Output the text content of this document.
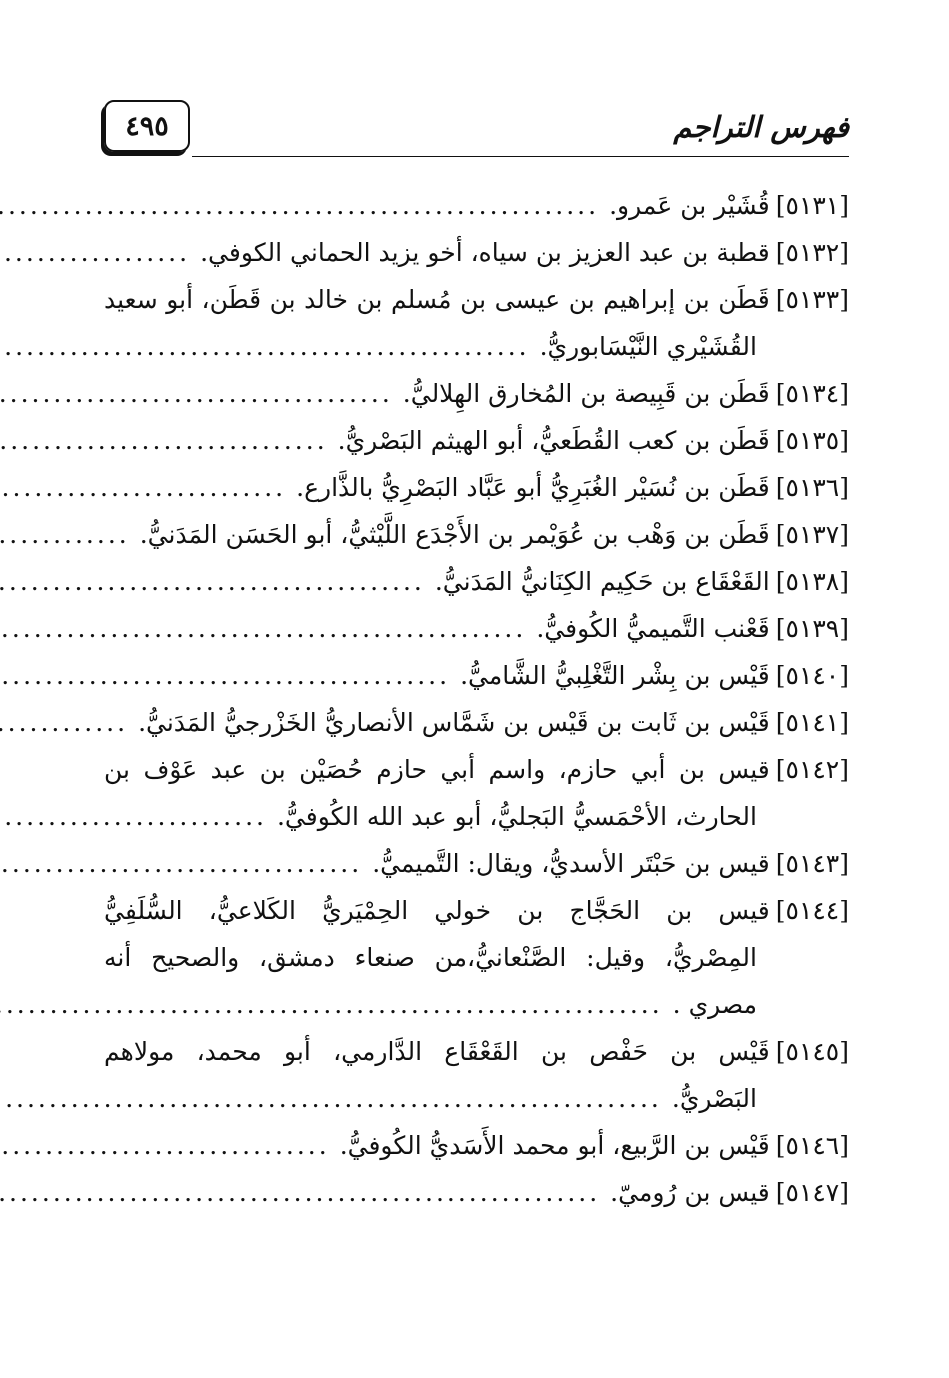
٤٩٥	فهرس التراجم
[٥١٣١]
قُشَيْر بن عَمرو.
.....
[٥١٣٢]
قطبة بن عبد العزيز بن سياه، أخو يزيد الحماني الكوفي.
.....
[٥١٣٣]
قَطَن بن إبراهيم بن عيسى بن مُسلم بن خالد بن قَطَن، أبو سعيد
القُشَيْري النَّيْسَابوريُّ.
.....
[٥١٣٤]
قَطَن بن قَبِيصة بن المُخارق الهِلاليُّ.
.....
[٥١٣٥]
قَطَن بن كعب القُطَعيُّ، أبو الهيثم البَصْريُّ.
.....
[٥١٣٦]
قَطَن بن نُسَيْر الغُبَرِيُّ أبو عَبَّاد البَصْرِيُّ بالذَّارع.
.....
[٥١٣٧]
قَطَن بن وَهْب بن عُوَيْمر بن الأَجْدَع اللَّيْثيُّ، أبو الحَسَن المَدَنيُّ.
.....
[٥١٣٨]
القَعْقَاع بن حَكِيم الكِنَانيُّ المَدَنيُّ.
.....
[٥١٣٩]
قَعْنب التَّميميُّ الكُوفيُّ.
.....
[٥١٤٠]
قَيْس بن بِشْر التَّغْلِبيُّ الشَّاميُّ.
.....
[٥١٤١]
قَيْس بن ثَابت بن قَيْس بن شَمَّاس الأنصاريُّ الخَزْرجيُّ المَدَنيُّ.
.....
[٥١٤٢]
قيس بن أبي حازم، واسم أبي حازم حُصَيْن بن عبد عَوْف بن
الحارث، الأحْمَسيُّ البَجليُّ، أبو عبد الله الكُوفيُّ.
.....
[٥١٤٣]
قيس بن حَبْتَر الأسديُّ، ويقال: التَّميميُّ.
.....
[٥١٤٤]
قيس بن الحَجَّاج بن خولي الحِمْيَريُّ الكَلاعيُّ، السُّلَفِيُّ
المِصْريُّ، وقيل: الصَّنْعانيُّ،من صنعاء دمشق، والصحيح أنه
مصري .
.....
[٥١٤٥]
قَيْس بن حَفْص بن القَعْقَاع الدَّارمي، أبو محمد، مولاهم
البَصْريُّ.
.....
[٥١٤٦]
قَيْس بن الرَّبيع، أبو محمد الأَسَديُّ الكُوفيُّ.
.....
[٥١٤٧]
قيس بن رُوميّ.
.....
